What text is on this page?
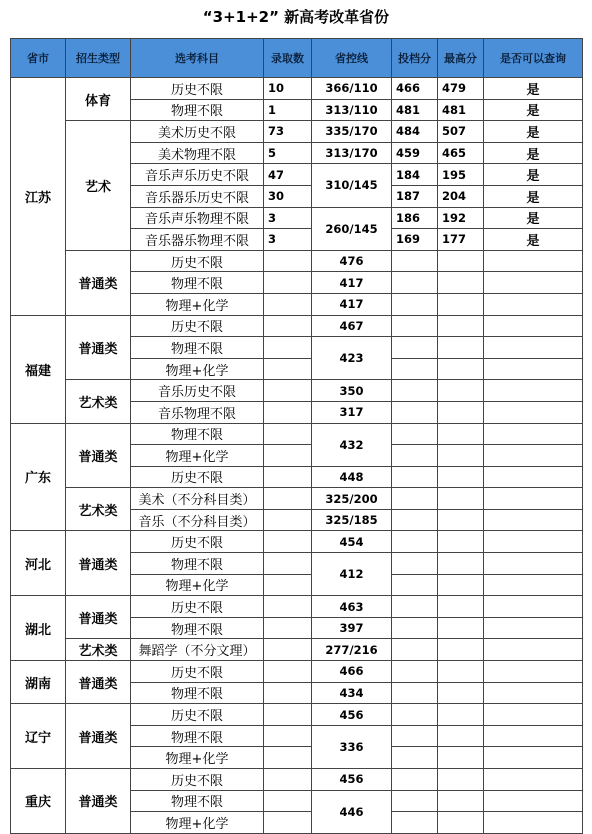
“3+1+2” 新高考改革省份
省市	招生类型	选考科目	录取数	省控线	投档分	最高分	是否可以查询
江苏	体育	历史不限	10	366/110	466	479	是
		物理不限	1	313/110	481	481	是
	艺术	美术历史不限	73	335/170	484	507	是
		美术物理不限	5	313/170	459	465	是
		音乐声乐历史不限	47	310/145	184	195	是
		音乐器乐历史不限	30		187	204	是
		音乐声乐物理不限	3	260/145	186	192	是
		音乐器乐物理不限	3		169	177	是
	普通类	历史不限		476			
		物理不限		417			
		物理+化学		417			
福建	普通类	历史不限		467			
		物理不限		423			
		物理+化学					
	艺术类	音乐历史不限		350			
		音乐物理不限		317			
广东	普通类	物理不限		432			
		物理+化学					
		历史不限		448			
	艺术类	美术（不分科目类）		325/200			
		音乐（不分科目类）		325/185			
河北	普通类	历史不限		454			
		物理不限		412			
		物理+化学					
湖北	普通类	历史不限		463			
		物理不限		397			
	艺术类	舞蹈学（不分文理）		277/216			
湖南	普通类	历史不限		466			
		物理不限		434			
辽宁	普通类	历史不限		456			
		物理不限		336			
		物理+化学					
重庆	普通类	历史不限		456			
		物理不限		446			
		物理+化学					
